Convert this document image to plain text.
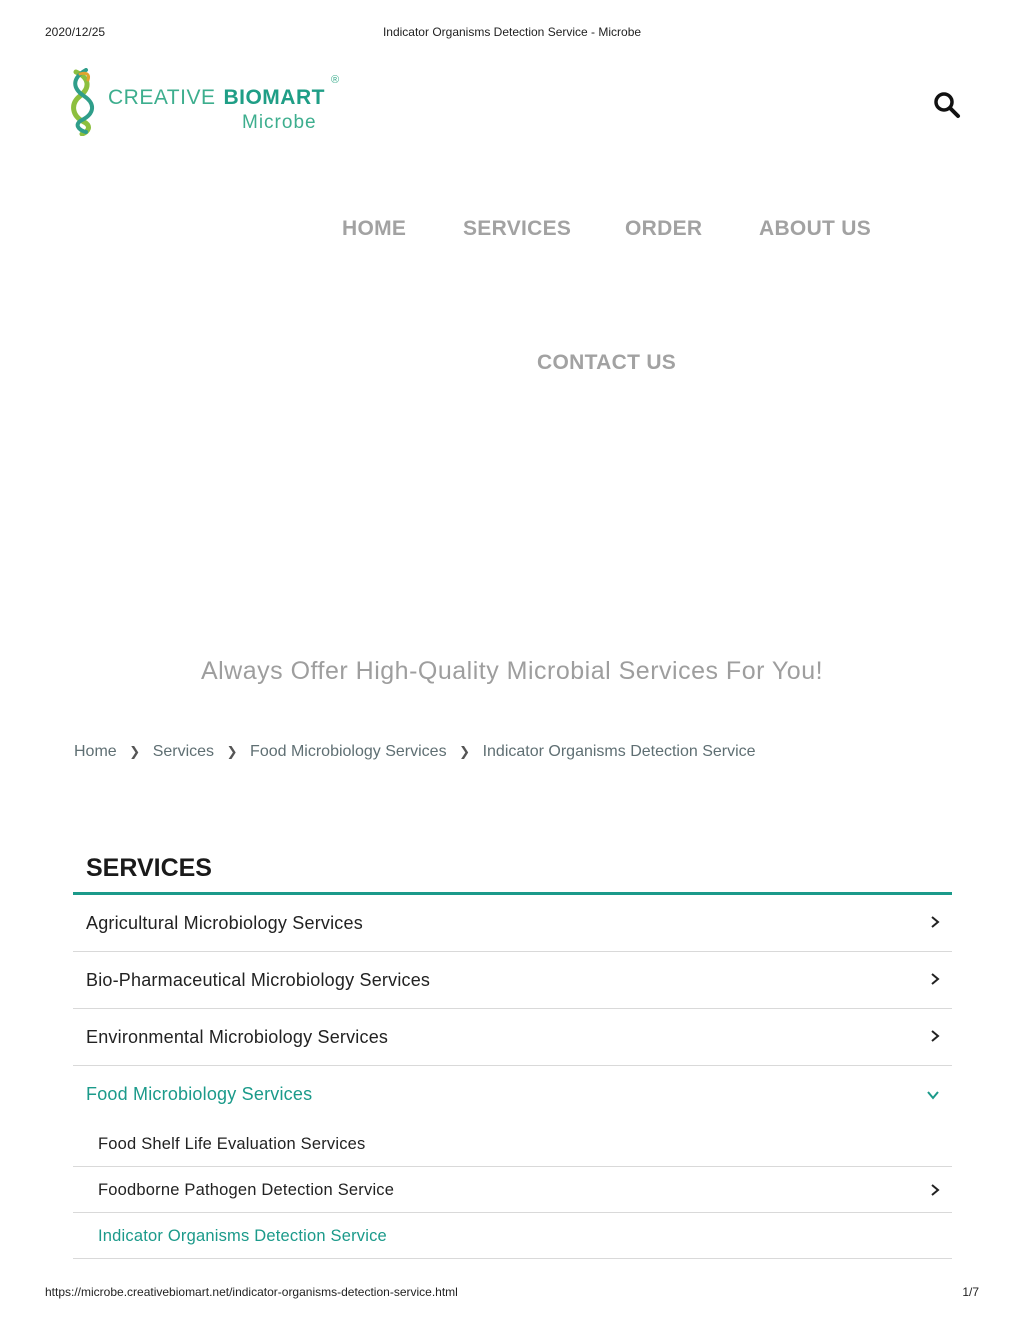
2020/12/25	Indicator Organisms Detection Service - Microbe
CREATIVE BIOMART
®
Microbe
HOME	SERVICES	ORDER	ABOUT US
CONTACT US
Always Offer High-Quality Microbial Services For You!
Home ❯ Services ❯ Food Microbiology Services ❯ Indicator Organisms Detection Service
SERVICES
Agricultural Microbiology Services
Bio-Pharmaceutical Microbiology Services
Environmental Microbiology Services
Food Microbiology Services
Food Shelf Life Evaluation Services
Foodborne Pathogen Detection Service
Indicator Organisms Detection Service
https://microbe.creativebiomart.net/indicator-organisms-detection-service.html	1/7
